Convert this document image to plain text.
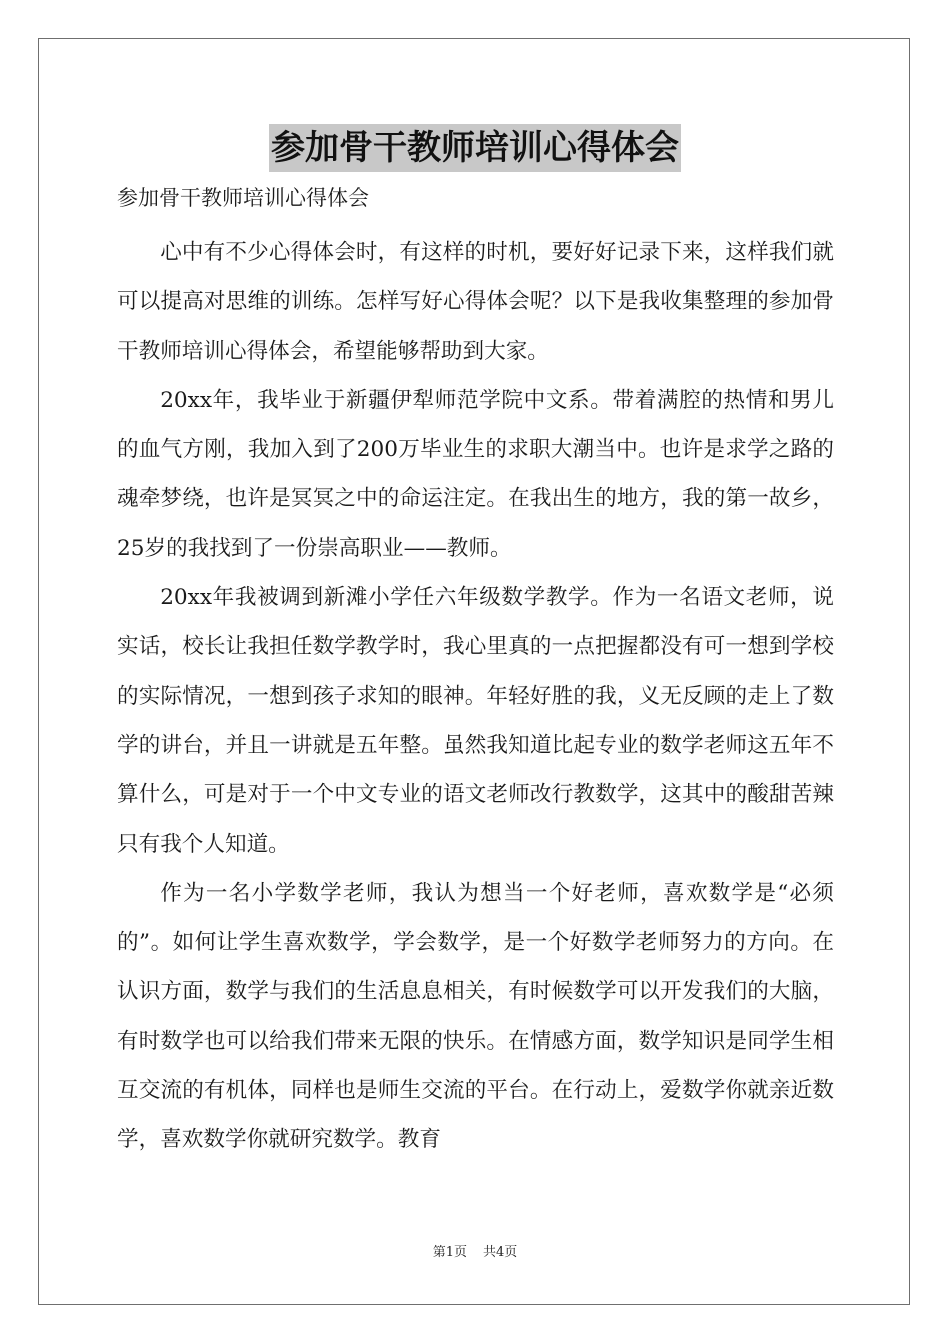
参加骨干教师培训心得体会
参加骨干教师培训心得体会

心中有不少心得体会时，有这样的时机，要好好记录下来，这样我们就可以提高对思维的训练。怎样写好心得体会呢？以下是我收集整理的参加骨干教师培训心得体会，希望能够帮助到大家。

20xx年，我毕业于新疆伊犁师范学院中文系。带着满腔的热情和男儿的血气方刚，我加入到了200万毕业生的求职大潮当中。也许是求学之路的魂牵梦绕，也许是冥冥之中的命运注定。在我出生的地方，我的第一故乡，25岁的我找到了一份崇高职业——教师。

20xx年我被调到新滩小学任六年级数学教学。作为一名语文老师，说实话，校长让我担任数学教学时，我心里真的一点把握都没有可一想到学校的实际情况，一想到孩子求知的眼神。年轻好胜的我，义无反顾的走上了数学的讲台，并且一讲就是五年整。虽然我知道比起专业的数学老师这五年不算什么，可是对于一个中文专业的语文老师改行教数学，这其中的酸甜苦辣只有我个人知道。

作为一名小学数学老师，我认为想当一个好老师，喜欢数学是“必须的”。如何让学生喜欢数学，学会数学，是一个好数学老师努力的方向。在认识方面，数学与我们的生活息息相关，有时候数学可以开发我们的大脑，有时数学也可以给我们带来无限的快乐。在情感方面，数学知识是同学生相互交流的有机体，同样也是师生交流的平台。在行动上，爱数学你就亲近数学，喜欢数学你就研究数学。教育

第1页 共4页
